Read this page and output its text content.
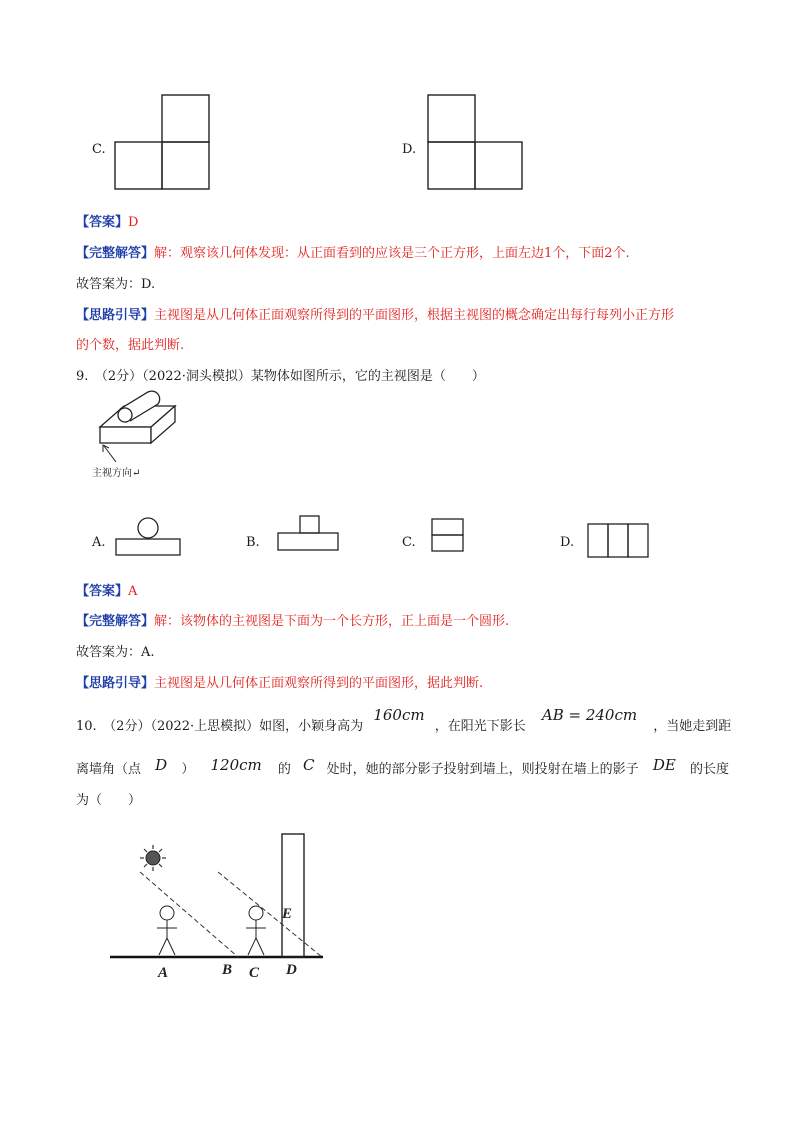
C.	D.
【答案】D
【完整解答】解：观察该几何体发现：从正面看到的应该是三个正方形，上面左边1个，下面2个.
故答案为：D.
【思路引导】主视图是从几何体正面观察所得到的平面图形，根据主视图的概念确定出每行每列小正方形
的个数，据此判断.
9.　（2分）（2022·洞头模拟）某物体如图所示，它的主视图是（　　）
主视方向↵
A.	B.	C.	D.
【答案】A
【完整解答】解：该物体的主视图是下面为一个长方形，正上面是一个圆形.
故答案为：A.
【思路引导】主视图是从几何体正面观察所得到的平面图形，据此判断.
10.　（2分）（2022·上思模拟）如图，小颖身高为 160cm ，在阳光下影长 AB = 240cm ，当她走到距
离墙角（点 D ） 120cm 的 C 处时，她的部分影子投射到墙上，则投射在墙上的影子 DE 的长度
为（　　）
A	B C D
E
